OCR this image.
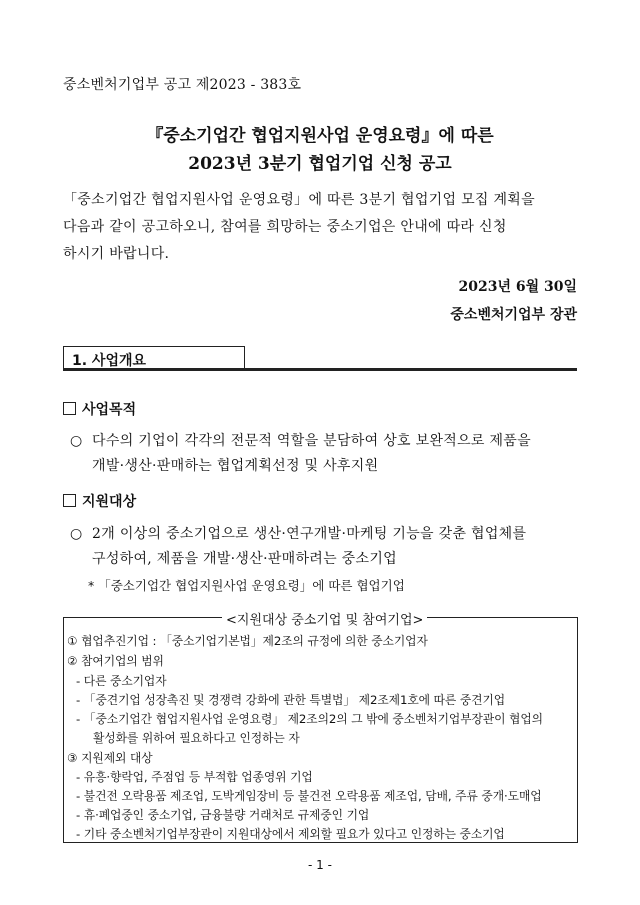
중소벤처기업부 공고 제2023 - 383호
『중소기업간 협업지원사업 운영요령』에 따른
2023년 3분기 협업기업 신청 공고
「중소기업간 협업지원사업 운영요령」에 따른 3분기 협업기업 모집 계획을
다음과 같이 공고하오니, 참여를 희망하는 중소기업은 안내에 따라 신청
하시기 바랍니다.
2023년 6월 30일
중소벤처기업부 장관
1. 사업개요
사업목적
○ 다수의 기업이 각각의 전문적 역할을 분담하여 상호 보완적으로 제품을
개발·생산·판매하는 협업계획선정 및 사후지원
지원대상
○ 2개 이상의 중소기업으로 생산·연구개발·마케팅 기능을 갖춘 협업체를
구성하여, 제품을 개발·생산·판매하려는 중소기업
* 「중소기업간 협업지원사업 운영요령」에 따른 협업기업
<지원대상 중소기업 및 참여기업>
① 협업추진기업 : 「중소기업기본법」제2조의 규정에 의한 중소기업자
② 참여기업의 범위
- 다른 중소기업자
- 「중견기업 성장촉진 및 경쟁력 강화에 관한 특별법」 제2조제1호에 따른 중견기업
- 「중소기업간 협업지원사업 운영요령」 제2조의2의 그 밖에 중소벤처기업부장관이 협업의
활성화를 위하여 필요하다고 인정하는 자
③ 지원제외 대상
- 유흥·향락업, 주점업 등 부적합 업종영위 기업
- 불건전 오락용품 제조업, 도박게임장비 등 불건전 오락용품 제조업, 담배, 주류 중개·도매업
- 휴·폐업중인 중소기업, 금융불량 거래처로 규제중인 기업
- 1 -
- 기타 중소벤처기업부장관이 지원대상에서 제외할 필요가 있다고 인정하는 중소기업
